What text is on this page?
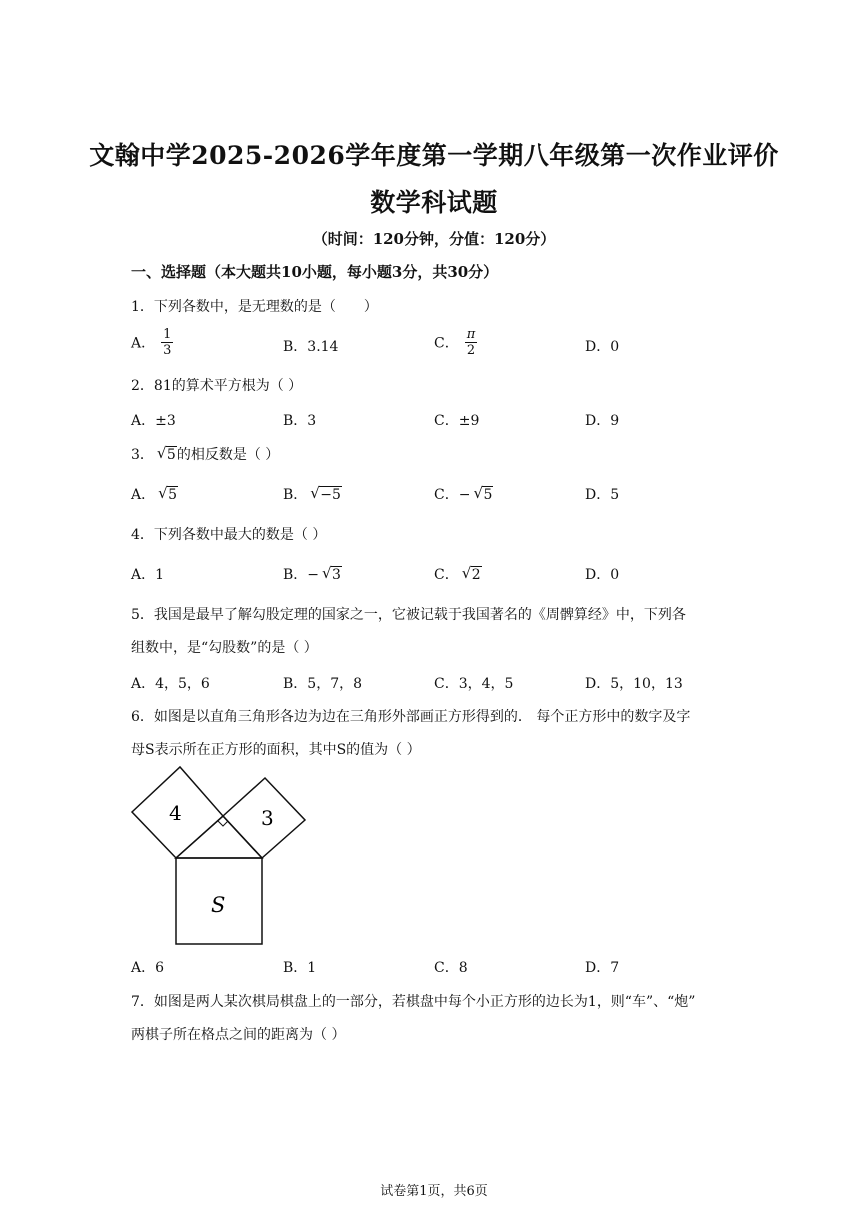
文翰中学2025-2026学年度第一学期八年级第一次作业评价
数学科试题
（时间：120分钟，分值：120分）
一、选择题（本大题共10小题，每小题3分，共30分）
1．下列各数中，是无理数的是（　　）
A． $\frac{1}{3}$	B．3.14	C． $\frac{\pi}{2}$	D．0
2．81的算术平方根为（ ）
A．±3	B．3	C．±9	D．9
3． √ 5的相反数是（ ）
A． √ 5	B． √ −5	C．− √ 5	D．5
4．下列各数中最大的数是（ ）
A．1	B．− √ 3	C． √ 2	D．0
5．我国是最早了解勾股定理的国家之一，它被记载于我国著名的《周髀算经》中，下列各
组数中，是“勾股数”的是（ ）
A．4，5，6	B．5，7，8	C．3，4，5	D．5，10，13
6．如图是以直角三角形各边为边在三角形外部画正方形得到的． 每个正方形中的数字及字
母S表示所在正方形的面积，其中S的值为（ ）
4	3
S
A．6	B．1	C．8	D．7
7．如图是两人某次棋局棋盘上的一部分，若棋盘中每个小正方形的边长为1，则“车”、“炮”
两棋子所在格点之间的距离为（ ）
试卷第1页，共6页
